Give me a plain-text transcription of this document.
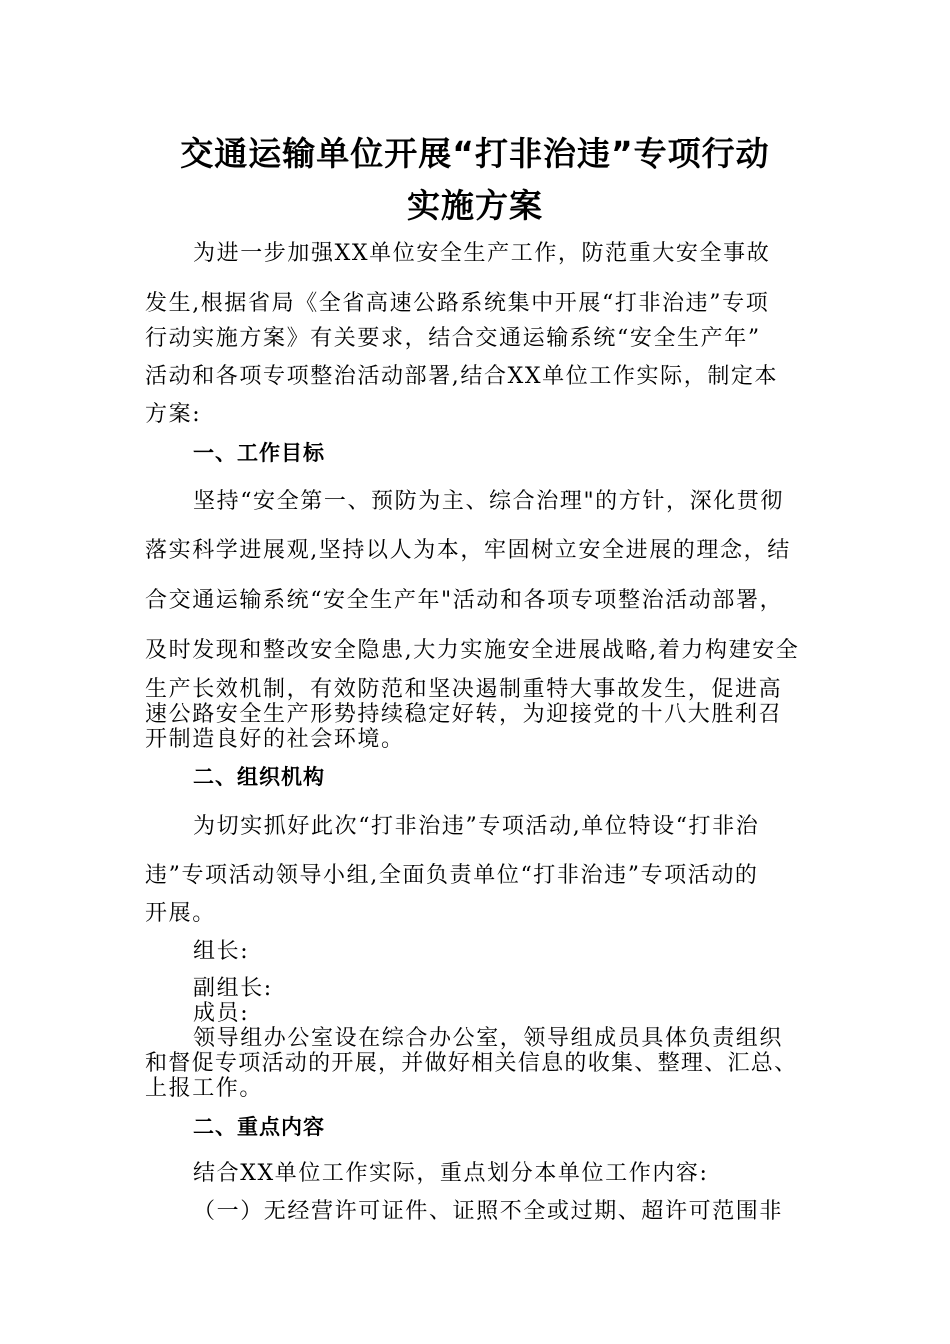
交通运输单位开展“打非治违”专项行动
实施方案
为进一步加强XX单位安全生产工作，防范重大安全事故
发生,根据省局《全省高速公路系统集中开展“打非治违”专项
行动实施方案》有关要求，结合交通运输系统“安全生产年”
活动和各项专项整治活动部署,结合XX单位工作实际，制定本
方案:
一、工作目标
坚持“安全第一、预防为主、综合治理"的方针，深化贯彻
落实科学进展观,坚持以人为本，牢固树立安全进展的理念，结
合交通运输系统“安全生产年"活动和各项专项整治活动部署，
及时发现和整改安全隐患,大力实施安全进展战略,着力构建安全
生产长效机制，有效防范和坚决遏制重特大事故发生，促进高
速公路安全生产形势持续稳定好转，为迎接党的十八大胜利召
开制造良好的社会环境。
二、组织机构
为切实抓好此次“打非治违”专项活动,单位特设“打非治
违”专项活动领导小组,全面负责单位“打非治违”专项活动的
开展。
组长:
副组长:
成员:
领导组办公室设在综合办公室，领导组成员具体负责组织
和督促专项活动的开展，并做好相关信息的收集、整理、汇总、
上报工作。
二、重点内容
结合XX单位工作实际，重点划分本单位工作内容:
（一）无经营许可证件、证照不全或过期、超许可范围非
